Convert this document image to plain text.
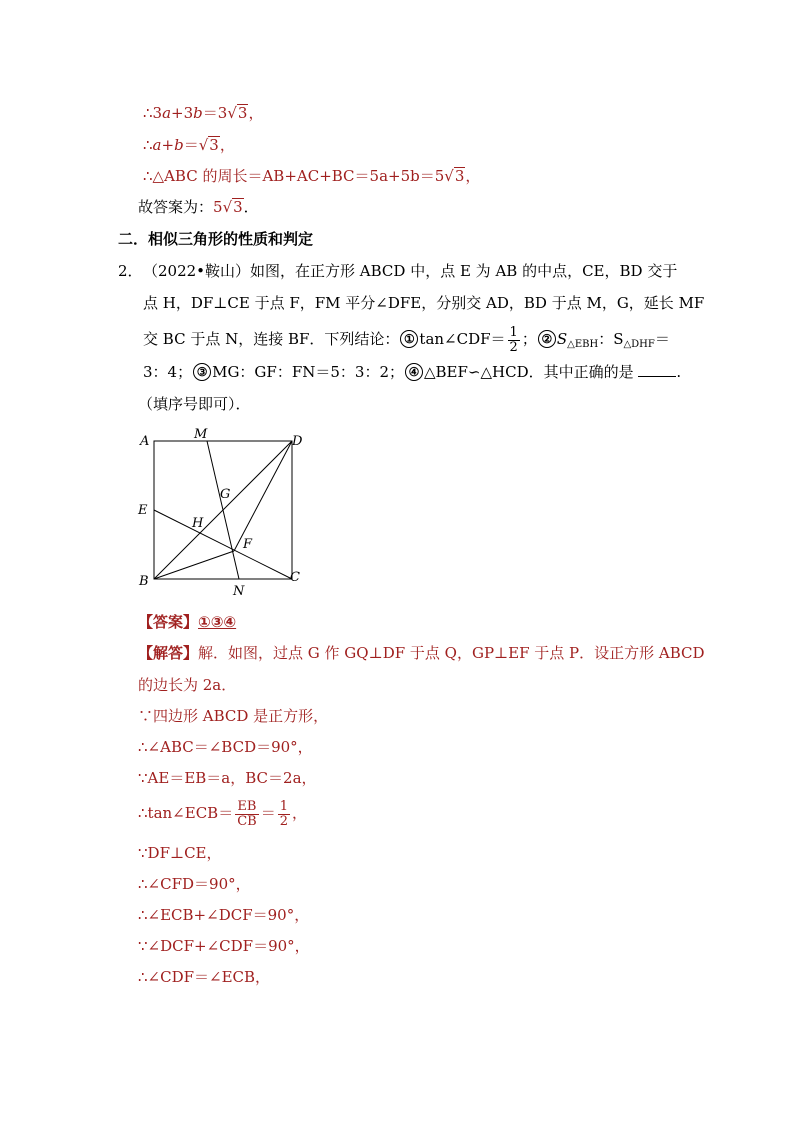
∴3a+3b＝3√3，
∴a+b＝√3，
∴△ABC 的周长＝AB+AC+BC＝5a+5b＝5√3，
故答案为：5√3．
二．相似三角形的性质和判定
2． （2022•鞍山）如图，在正方形 ABCD 中，点 E 为 AB 的中点，CE，BD 交于
点 H，DF⊥CE 于点 F，FM 平分∠DFE，分别交 AD，BD 于点 M，G，延长 MF
交 BC 于点 N，连接 BF．下列结论： ① tan∠CDF＝ $\frac{1}{2}$ ； ② $S_{\triangle EBH}$：$S_{\triangle DHF}=$
3：4； ③ MG：GF：FN＝5：3：2； ④ △BEF∽△HCD．其中正确的是	.
（填序号即可）．
A	M	D
G
E
H
F
B
N
C
【答案】①③④
【解答】解．如图，过点 G 作 GQ⊥DF 于点 Q，GP⊥EF 于点 P．设正方形 ABCD
的边长为 2a．
∵四边形 ABCD 是正方形，
∴∠ABC＝∠BCD＝90°，
∵AE＝EB＝a，BC＝2a，
∴tan∠ECB＝ $\frac{EB}{CB} = \frac{1}{2}$ ，
∵DF⊥CE，
∴∠CFD＝90°，
∴∠ECB+∠DCF＝90°，
∵∠DCF+∠CDF＝90°，
∴∠CDF＝∠ECB，
